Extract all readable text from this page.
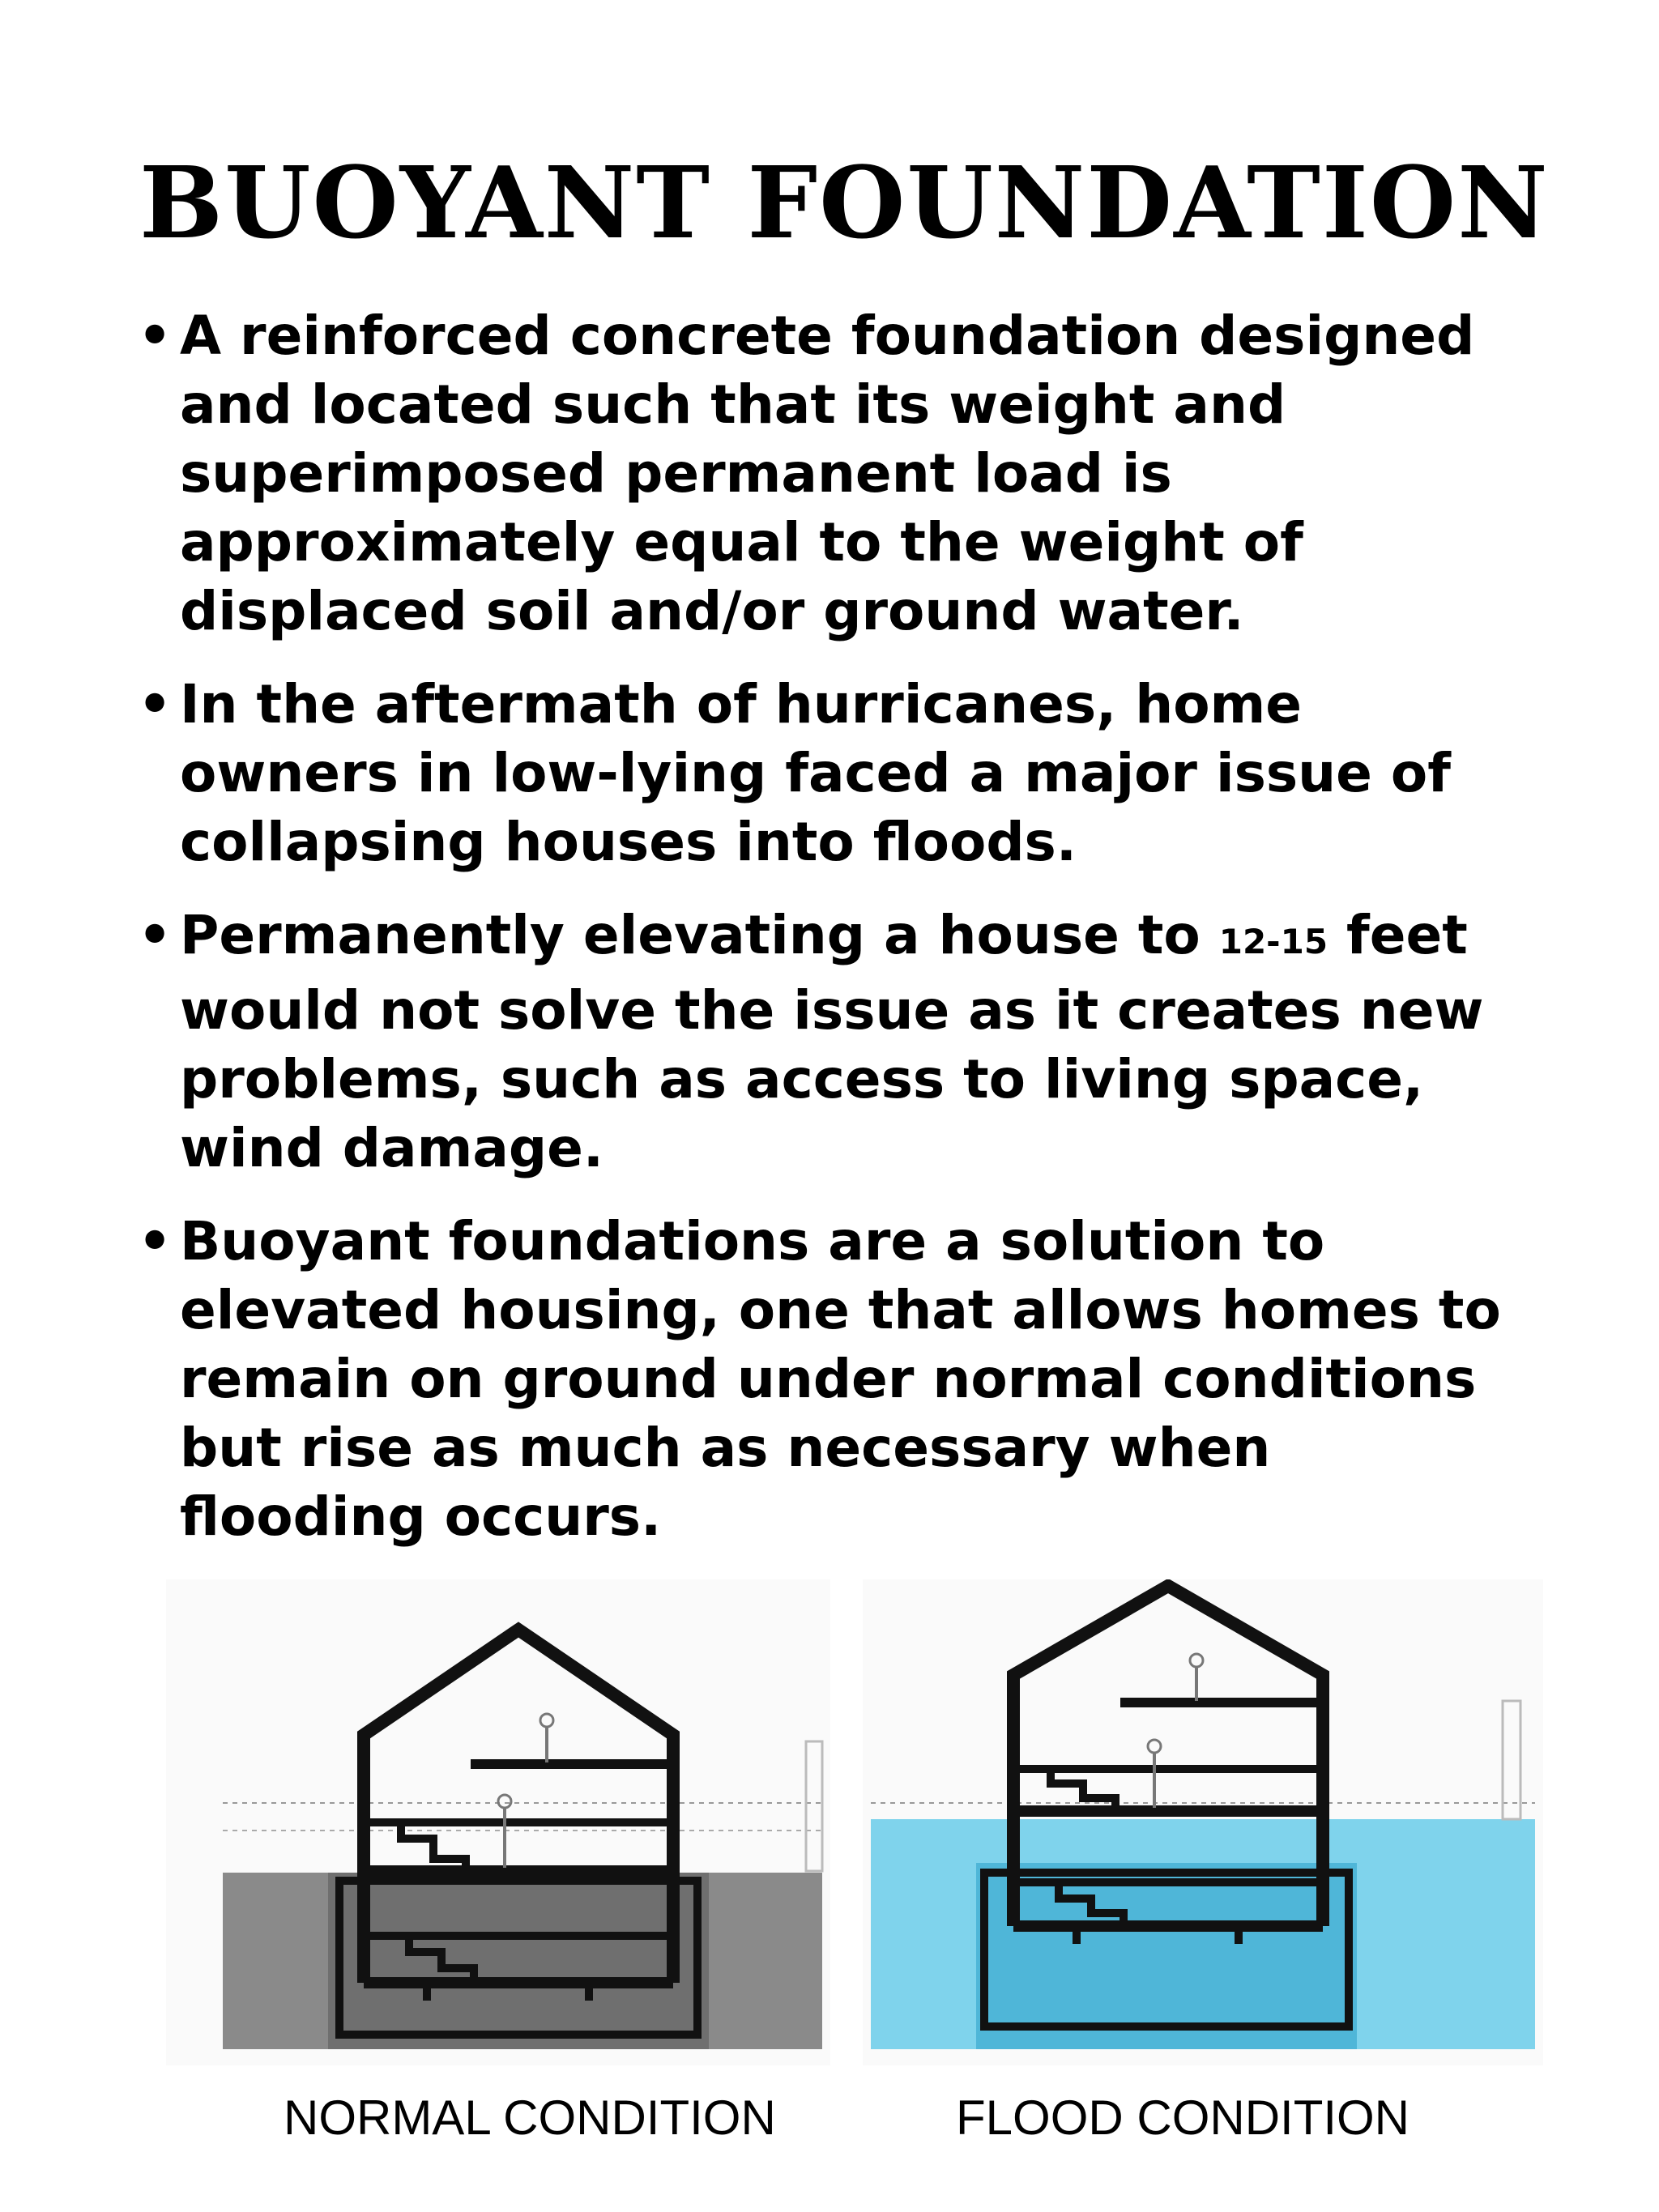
BUOYANT FOUNDATION
• A reinforced concrete foundation designed and located such that its weight and superimposed permanent load is approximately equal to the weight of displaced soil and/or ground water.
• In the aftermath of hurricanes, home owners in low-lying faced a major issue of collapsing houses into floods.
• Permanently elevating a house to 12-15 feet would not solve the issue as it creates new problems, such as access to living space, wind damage.
• Buoyant foundations are a solution to elevated housing, one that allows homes to remain on ground under normal conditions but rise as much as necessary when flooding occurs.
NORMAL CONDITION	FLOOD CONDITION
